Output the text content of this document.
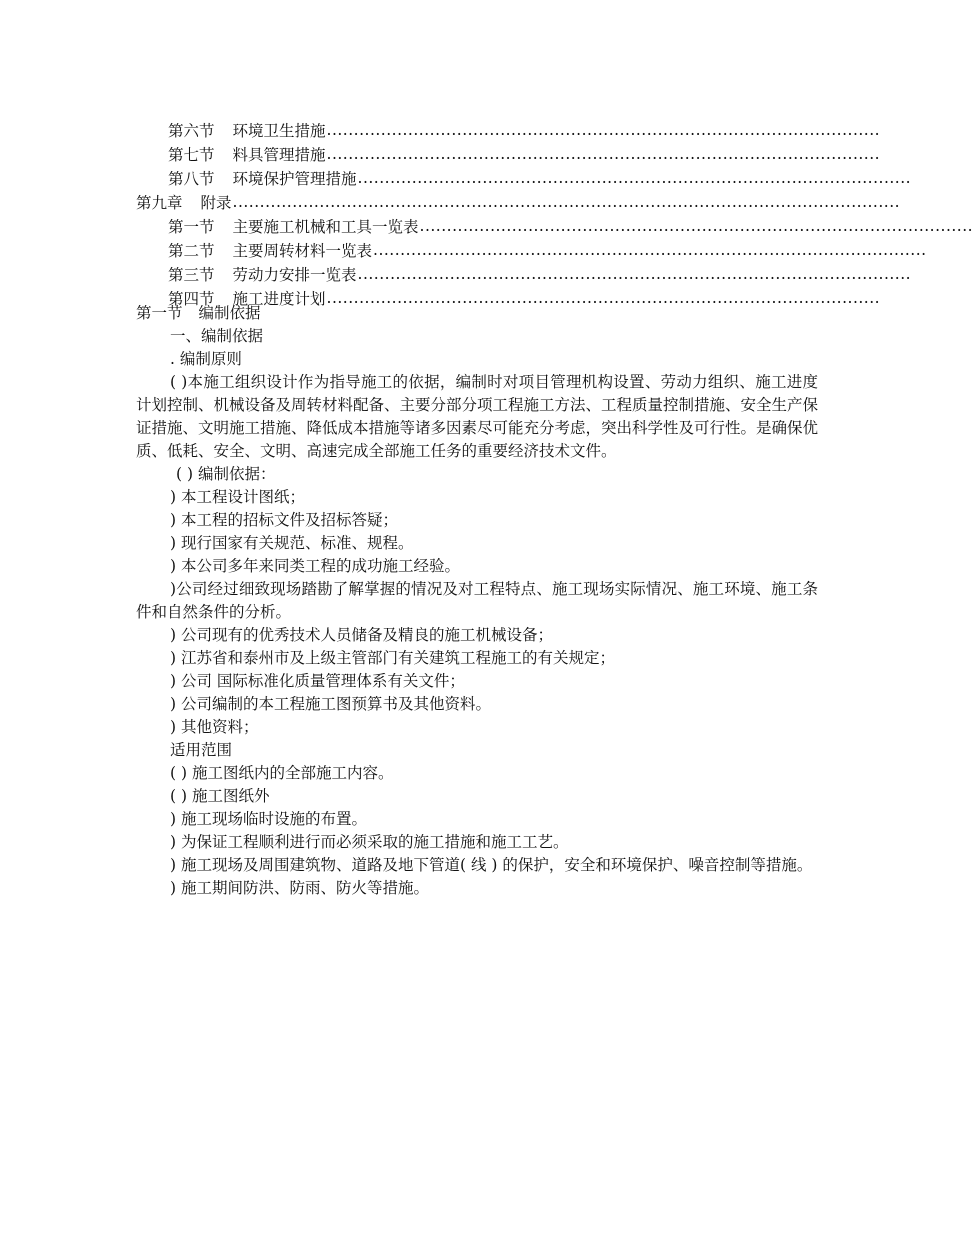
第六节 环境卫生措施 ......................................................................................................
第七节 料具管理措施 ......................................................................................................
第八节 环境保护管理措施 ......................................................................................................
第九章 附录 ...........................................................................................................................
第一节 主要施工机械和工具一览表 ......................................................................................................
第二节 主要周转材料一览表 ......................................................................................................
第三节 劳动力安排一览表 ......................................................................................................
第四节 施工进度计划 ......................................................................................................
第一节 编制依据
一、编制依据
. 编制原则
( )本施工组织设计作为指导施工的依据，编制时对项目管理机构设置、劳动力组织、施工进度计划控制、机械设备及周转材料配备、主要分部分项工程施工方法、工程质量控制措施、安全生产保证措施、文明施工措施、降低成本措施等诸多因素尽可能充分考虑，突出科学性及可行性。是确保优质、低耗、安全、文明、高速完成全部施工任务的重要经济技术文件。
( ) 编制依据：
) 本工程设计图纸；
) 本工程的招标文件及招标答疑；
) 现行国家有关规范、标准、规程。
) 本公司多年来同类工程的成功施工经验。
)公司经过细致现场踏勘了解掌握的情况及对工程特点、施工现场实际情况、施工环境、施工条件和自然条件的分析。
) 公司现有的优秀技术人员储备及精良的施工机械设备；
) 江苏省和泰州市及上级主管部门有关建筑工程施工的有关规定；
) 公司 国际标准化质量管理体系有关文件；
) 公司编制的本工程施工图预算书及其他资料。
) 其他资料；
适用范围
( ) 施工图纸内的全部施工内容。
( ) 施工图纸外
) 施工现场临时设施的布置。
) 为保证工程顺利进行而必须采取的施工措施和施工工艺。
) 施工现场及周围建筑物、道路及地下管道( 线 ) 的保护，安全和环境保护、噪音控制等措施。
) 施工期间防洪、防雨、防火等措施。
